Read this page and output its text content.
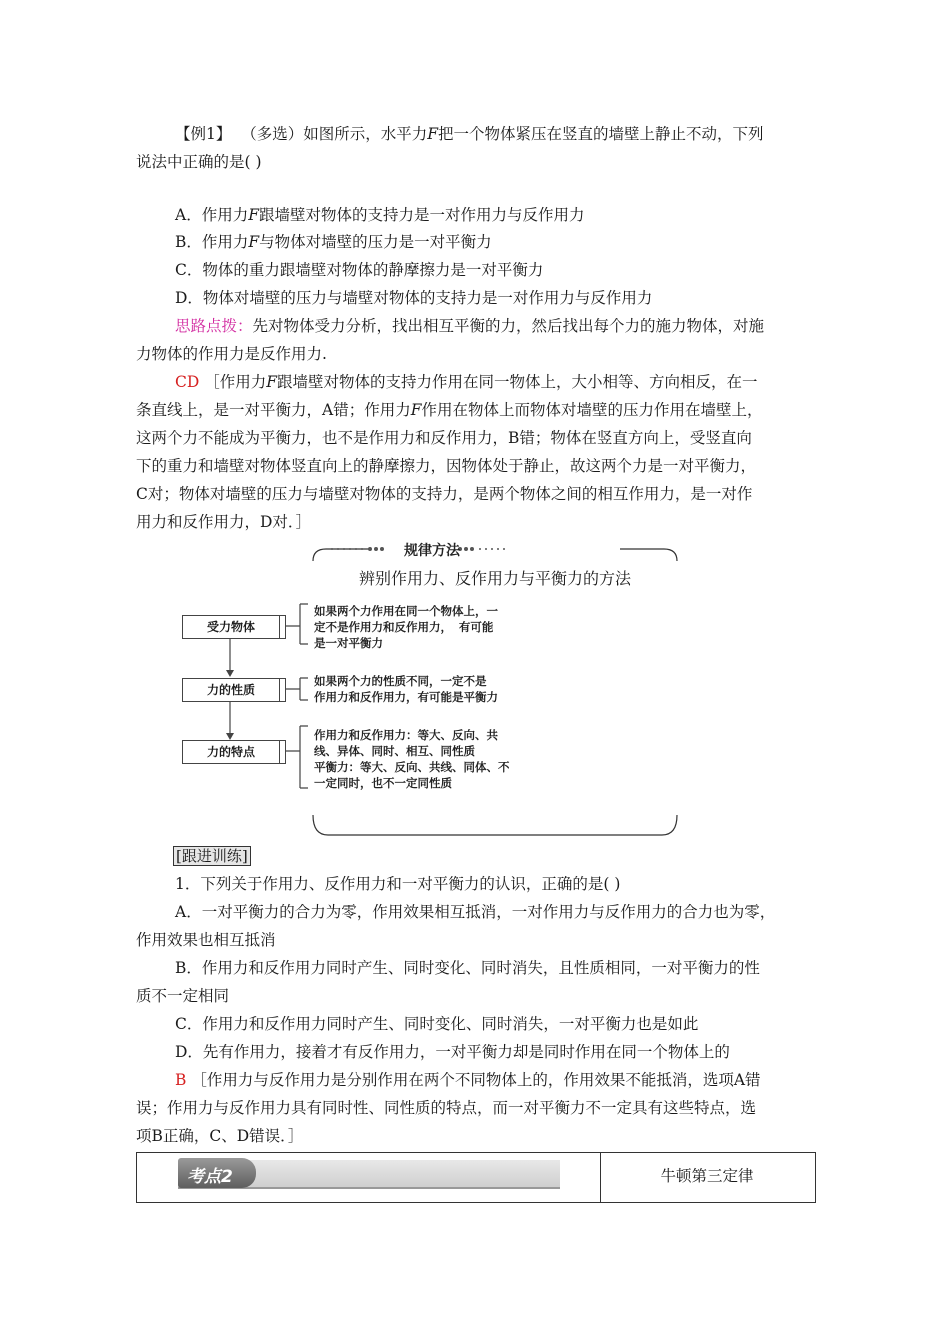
【例1】 （多选）如图所示，水平力F把一个物体紧压在竖直的墙壁上静止不动，下列
说法中正确的是( )
A．作用力F跟墙壁对物体的支持力是一对作用力与反作用力
B．作用力F与物体对墙壁的压力是一对平衡力
C．物体的重力跟墙壁对物体的静摩擦力是一对平衡力
D．物体对墙壁的压力与墙壁对物体的支持力是一对作用力与反作用力
思路点拨：先对物体受力分析，找出相互平衡的力，然后找出每个力的施力物体，对施
力物体的作用力是反作用力.
CD ［作用力F跟墙壁对物体的支持力作用在同一物体上，大小相等、方向相反，在一
条直线上，是一对平衡力，A错；作用力F作用在物体上而物体对墙壁的压力作用在墙壁上，
这两个力不能成为平衡力，也不是作用力和反作用力，B错；物体在竖直方向上，受竖直向
下的重力和墙壁对物体竖直向上的静摩擦力，因物体处于静止，故这两个力是一对平衡力，
C对；物体对墙壁的压力与墙壁对物体的支持力，是两个物体之间的相互作用力，是一对作
用力和反作用力，D对．］
规律方法
辨别作用力、反作用力与平衡力的方法
受力物体
力的性质
力的特点
如果两个力作用在同一个物体上，一
定不是作用力和反作用力， 有可能
是一对平衡力
如果两个力的性质不同，一定不是
作用力和反作用力，有可能是平衡力
作用力和反作用力：等大、反向、共
线、异体、同时、相互、同性质
平衡力：等大、反向、共线、同体、不
一定同时，也不一定同性质
[跟进训练]
1．下列关于作用力、反作用力和一对平衡力的认识，正确的是( )
A．一对平衡力的合力为零，作用效果相互抵消，一对作用力与反作用力的合力也为零，
作用效果也相互抵消
B．作用力和反作用力同时产生、同时变化、同时消失，且性质相同，一对平衡力的性
质不一定相同
C．作用力和反作用力同时产生、同时变化、同时消失，一对平衡力也是如此
D．先有作用力，接着才有反作用力，一对平衡力却是同时作用在同一个物体上的
B ［作用力与反作用力是分别作用在两个不同物体上的，作用效果不能抵消，选项A错
误；作用力与反作用力具有同时性、同性质的特点，而一对平衡力不一定具有这些特点，选
项B正确，C、D错误．］
考点2	牛顿第三定律
